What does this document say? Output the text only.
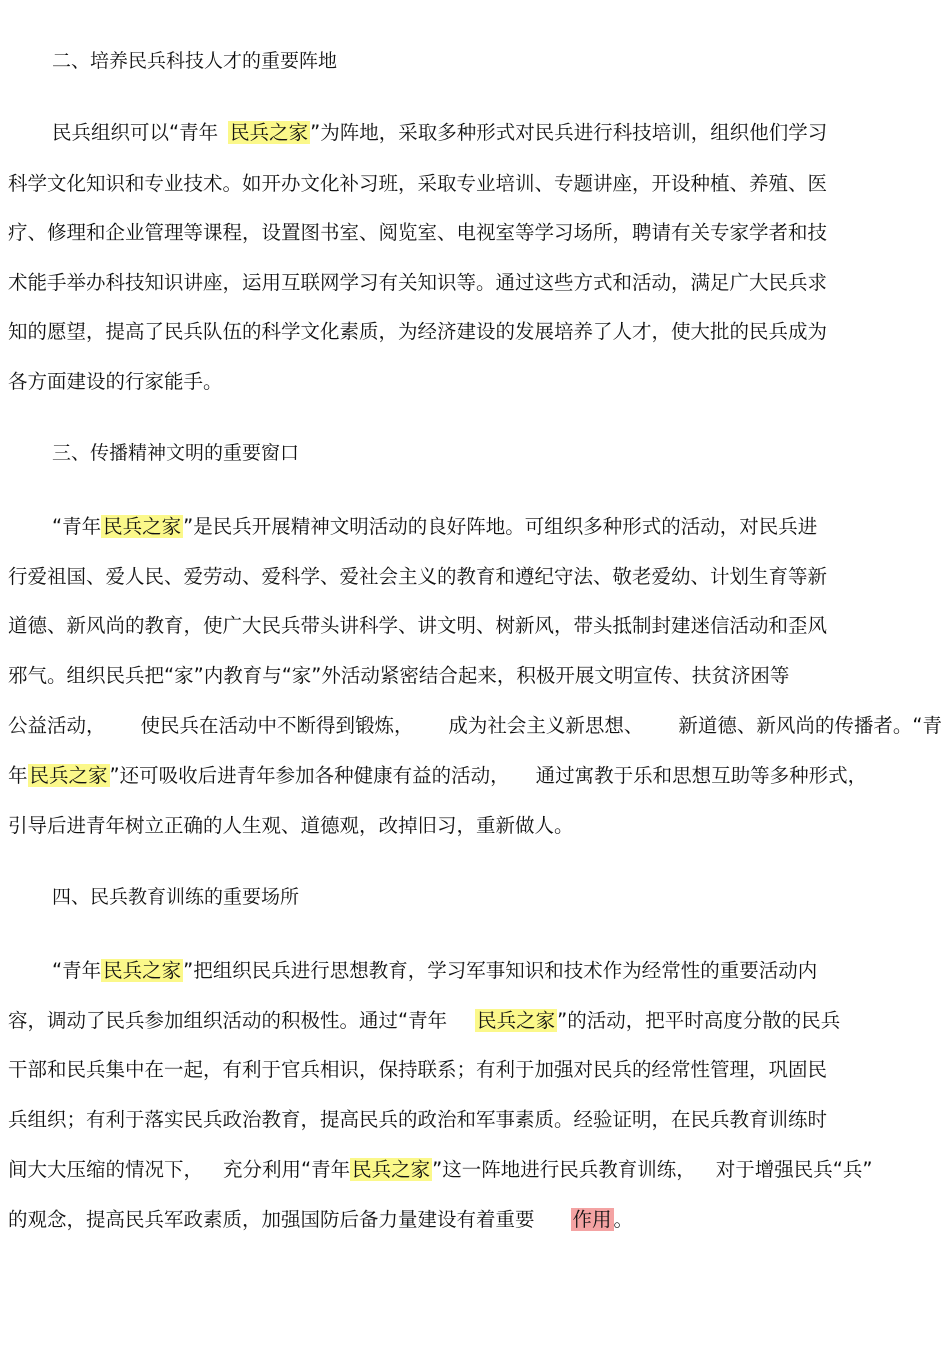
二、培养民兵科技人才的重要阵地
民兵组织可以“青年 民兵之家 ”为阵地，采取多种形式对民兵进行科技培训，组织他们学习
科学文化知识和专业技术。如开办文化补习班，采取专业培训、专题讲座，开设种植、养殖、医
疗、修理和企业管理等课程，设置图书室、阅览室、电视室等学习场所，聘请有关专家学者和技
术能手举办科技知识讲座，运用互联网学习有关知识等。通过这些方式和活动，满足广大民兵求
知的愿望，提高了民兵队伍的科学文化素质，为经济建设的发展培养了人才，使大批的民兵成为
各方面建设的行家能手。
三、传播精神文明的重要窗口
“青年 民兵之家 ”是民兵开展精神文明活动的良好阵地。可组织多种形式的活动，对民兵进
行爱祖国、爱人民、爱劳动、爱科学、爱社会主义的教育和遵纪守法、敬老爱幼、计划生育等新
道德、新风尚的教育，使广大民兵带头讲科学、讲文明、树新风，带头抵制封建迷信活动和歪风
邪气。组织民兵把“家”内教育与“家”外活动紧密结合起来，积极开展文明宣传、扶贫济困等
公益活动， 使民兵在活动中不断得到锻炼， 成为社会主义新思想、 新道德、新风尚的传播者。“青
年 民兵之家 ”还可吸收后进青年参加各种健康有益的活动， 通过寓教于乐和思想互助等多种形式，
引导后进青年树立正确的人生观、道德观，改掉旧习，重新做人。
四、民兵教育训练的重要场所
“青年 民兵之家 ”把组织民兵进行思想教育，学习军事知识和技术作为经常性的重要活动内
容，调动了民兵参加组织活动的积极性。通过“青年 民兵之家 ”的活动，把平时高度分散的民兵
干部和民兵集中在一起，有利于官兵相识，保持联系；有利于加强对民兵的经常性管理，巩固民
兵组织；有利于落实民兵政治教育，提高民兵的政治和军事素质。经验证明，在民兵教育训练时
间大大压缩的情况下， 充分利用“青年 民兵之家 ”这一阵地进行民兵教育训练， 对于增强民兵“兵”
的观念，提高民兵军政素质，加强国防后备力量建设有着重要 作用 。
